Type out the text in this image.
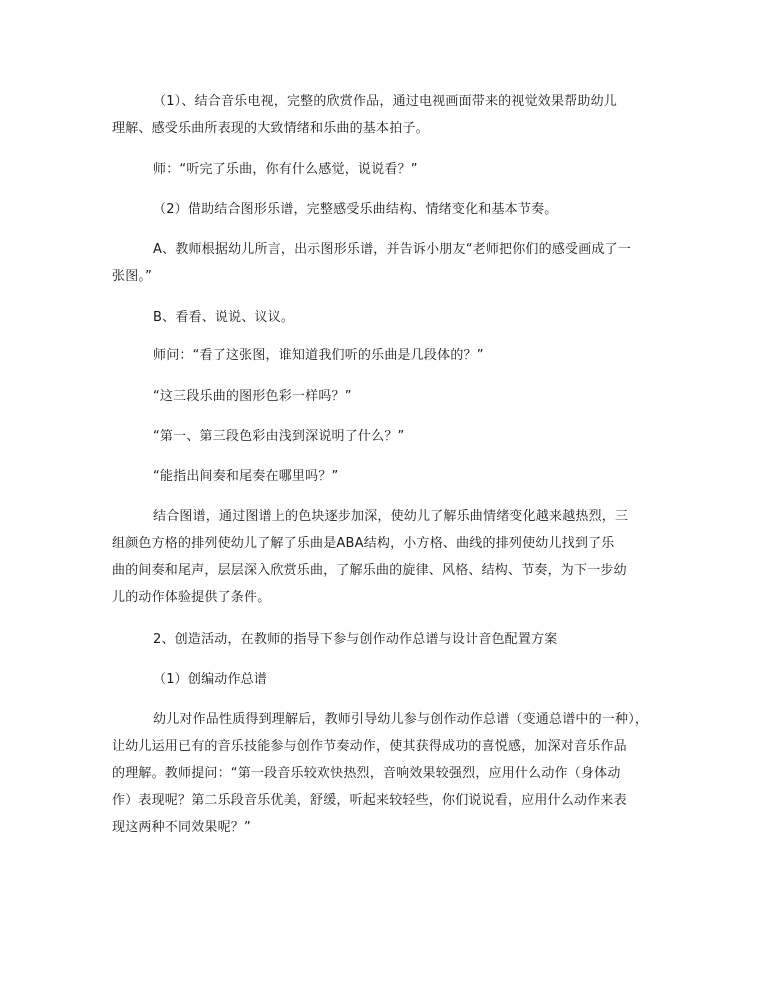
（1）、结合音乐电视，完整的欣赏作品，通过电视画面带来的视觉效果帮助幼儿
理解、感受乐曲所表现的大致情绪和乐曲的基本拍子。
师：“听完了乐曲，你有什么感觉，说说看？”
（2）借助结合图形乐谱，完整感受乐曲结构、情绪变化和基本节奏。
A、教师根据幼儿所言，出示图形乐谱，并告诉小朋友“老师把你们的感受画成了一
张图。”
B、看看、说说、议议。
师问：“看了这张图，谁知道我们听的乐曲是几段体的？”
“这三段乐曲的图形色彩一样吗？”
“第一、第三段色彩由浅到深说明了什么？”
“能指出间奏和尾奏在哪里吗？”
结合图谱，通过图谱上的色块逐步加深，使幼儿了解乐曲情绪变化越来越热烈，三
组颜色方格的排列使幼儿了解了乐曲是ABA结构，小方格、曲线的排列使幼儿找到了乐
曲的间奏和尾声，层层深入欣赏乐曲，了解乐曲的旋律、风格、结构、节奏，为下一步幼
儿的动作体验提供了条件。
2、创造活动，在教师的指导下参与创作动作总谱与设计音色配置方案
（1）创编动作总谱
幼儿对作品性质得到理解后，教师引导幼儿参与创作动作总谱（变通总谱中的一种），
让幼儿运用已有的音乐技能参与创作节奏动作，使其获得成功的喜悦感，加深对音乐作品
的理解。教师提问：“第一段音乐较欢快热烈，音响效果较强烈，应用什么动作（身体动
作）表现呢？第二乐段音乐优美，舒缓，听起来较轻些，你们说说看，应用什么动作来表
现这两种不同效果呢？”
